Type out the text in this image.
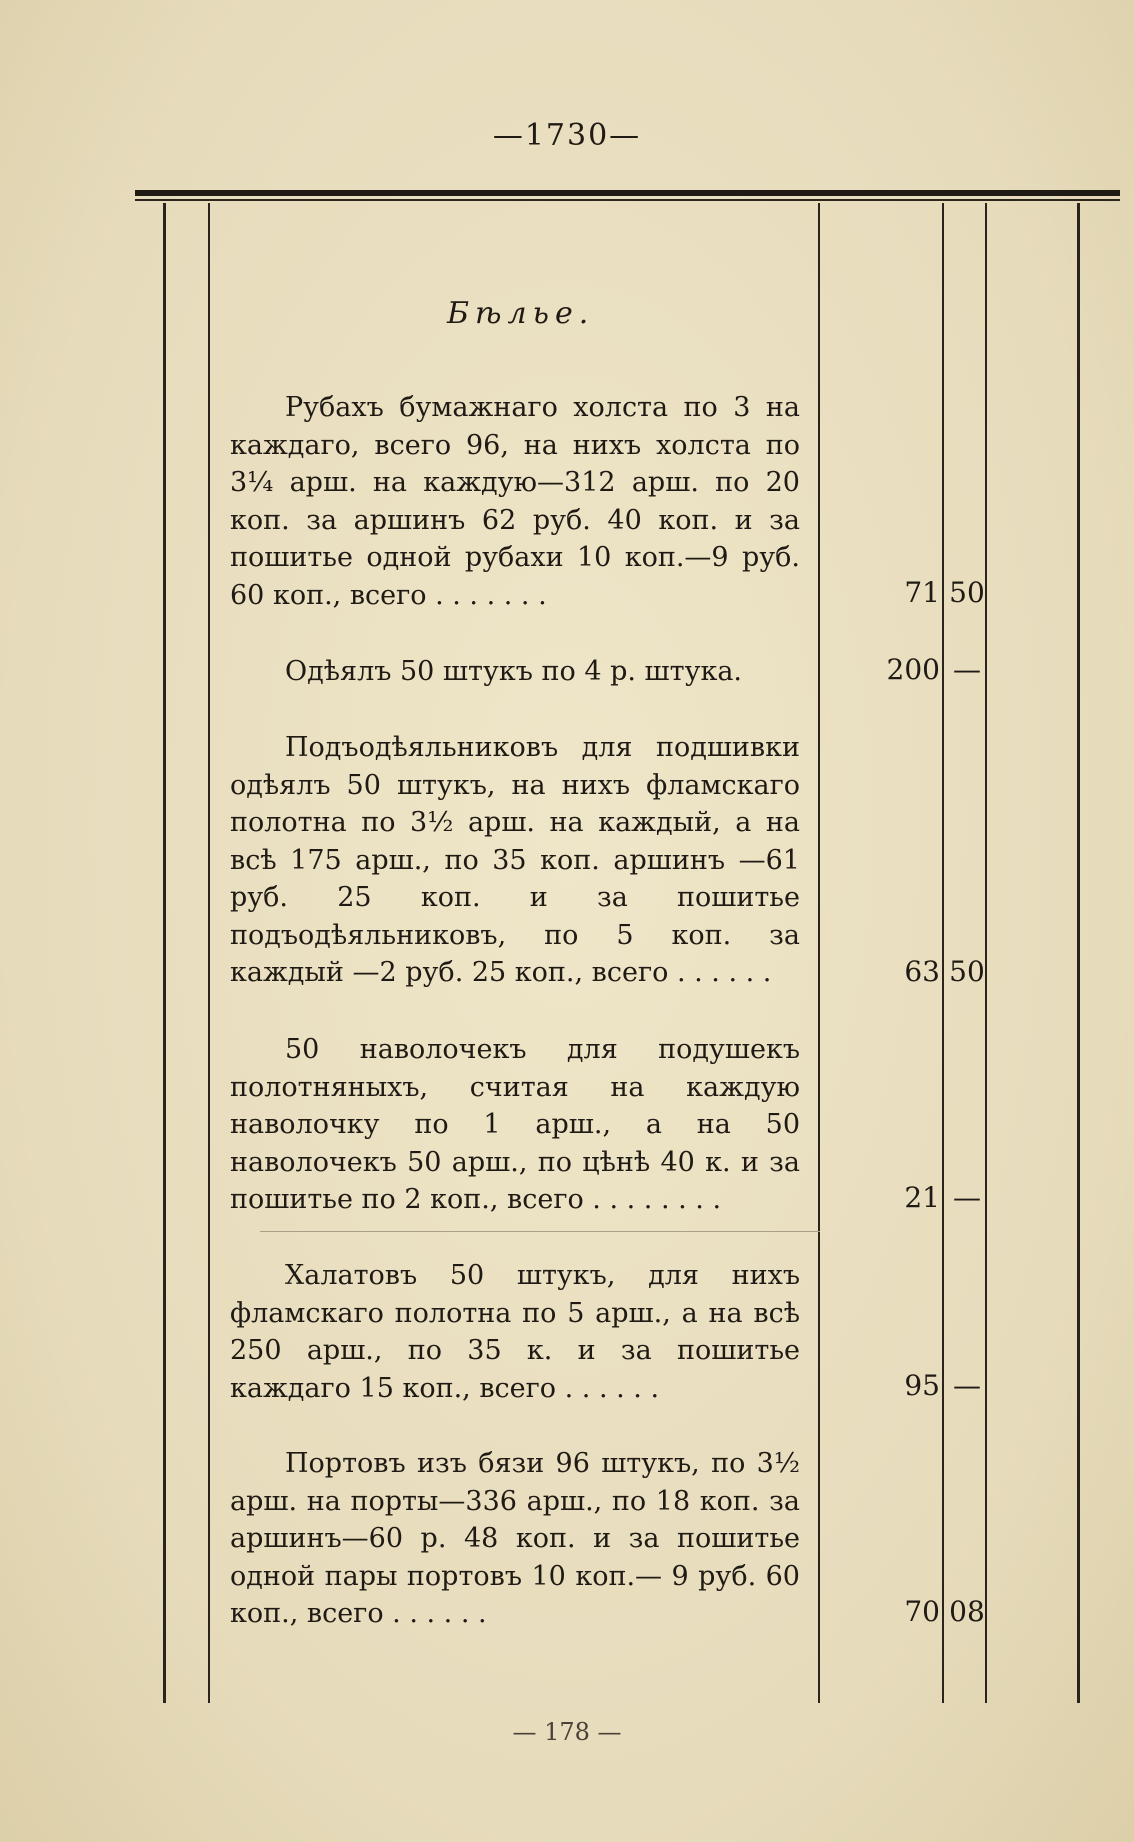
—1730—
Бѣлье.

Рубахъ бумажнаго холста по 3 на каждаго, всего 96, на нихъ холста по 3¼ арш. на каждую—312 арш. по 20 коп. за аршинъ 62 руб. 40 коп. и за пошитье одной рубахи 10 коп.—9 руб. 60 коп., всего . . . . . . .	71 50

Одѣялъ 50 штукъ по 4 р. штука.	200 —

Подъодѣяльниковъ для подшивки одѣялъ 50 штукъ, на нихъ фламскаго полотна по 3½ арш. на каждый, а на всѣ 175 арш., по 35 коп. аршинъ —61 руб. 25 коп. и за пошитье подъодѣяльниковъ, по 5 коп. за каждый —2 руб. 25 коп., всего . . . . . .	63 50

50 наволочекъ для подушекъ полотняныхъ, считая на каждую наволочку по 1 арш., а на 50 наволочекъ 50 арш., по цѣнѣ 40 к. и за пошитье по 2 коп., всего . . . . . . . .	21 —

Халатовъ 50 штукъ, для нихъ фламскаго полотна по 5 арш., а на всѣ 250 арш., по 35 к. и за пошитье каждаго 15 коп., всего . . . . . .	95 —

Портовъ изъ бязи 96 штукъ, по 3½ арш. на порты—336 арш., по 18 коп. за аршинъ—60 р. 48 коп. и за пошитье одной пары портовъ 10 коп.— 9 руб. 60 коп., всего . . . . . .	70 08
— 178 —
